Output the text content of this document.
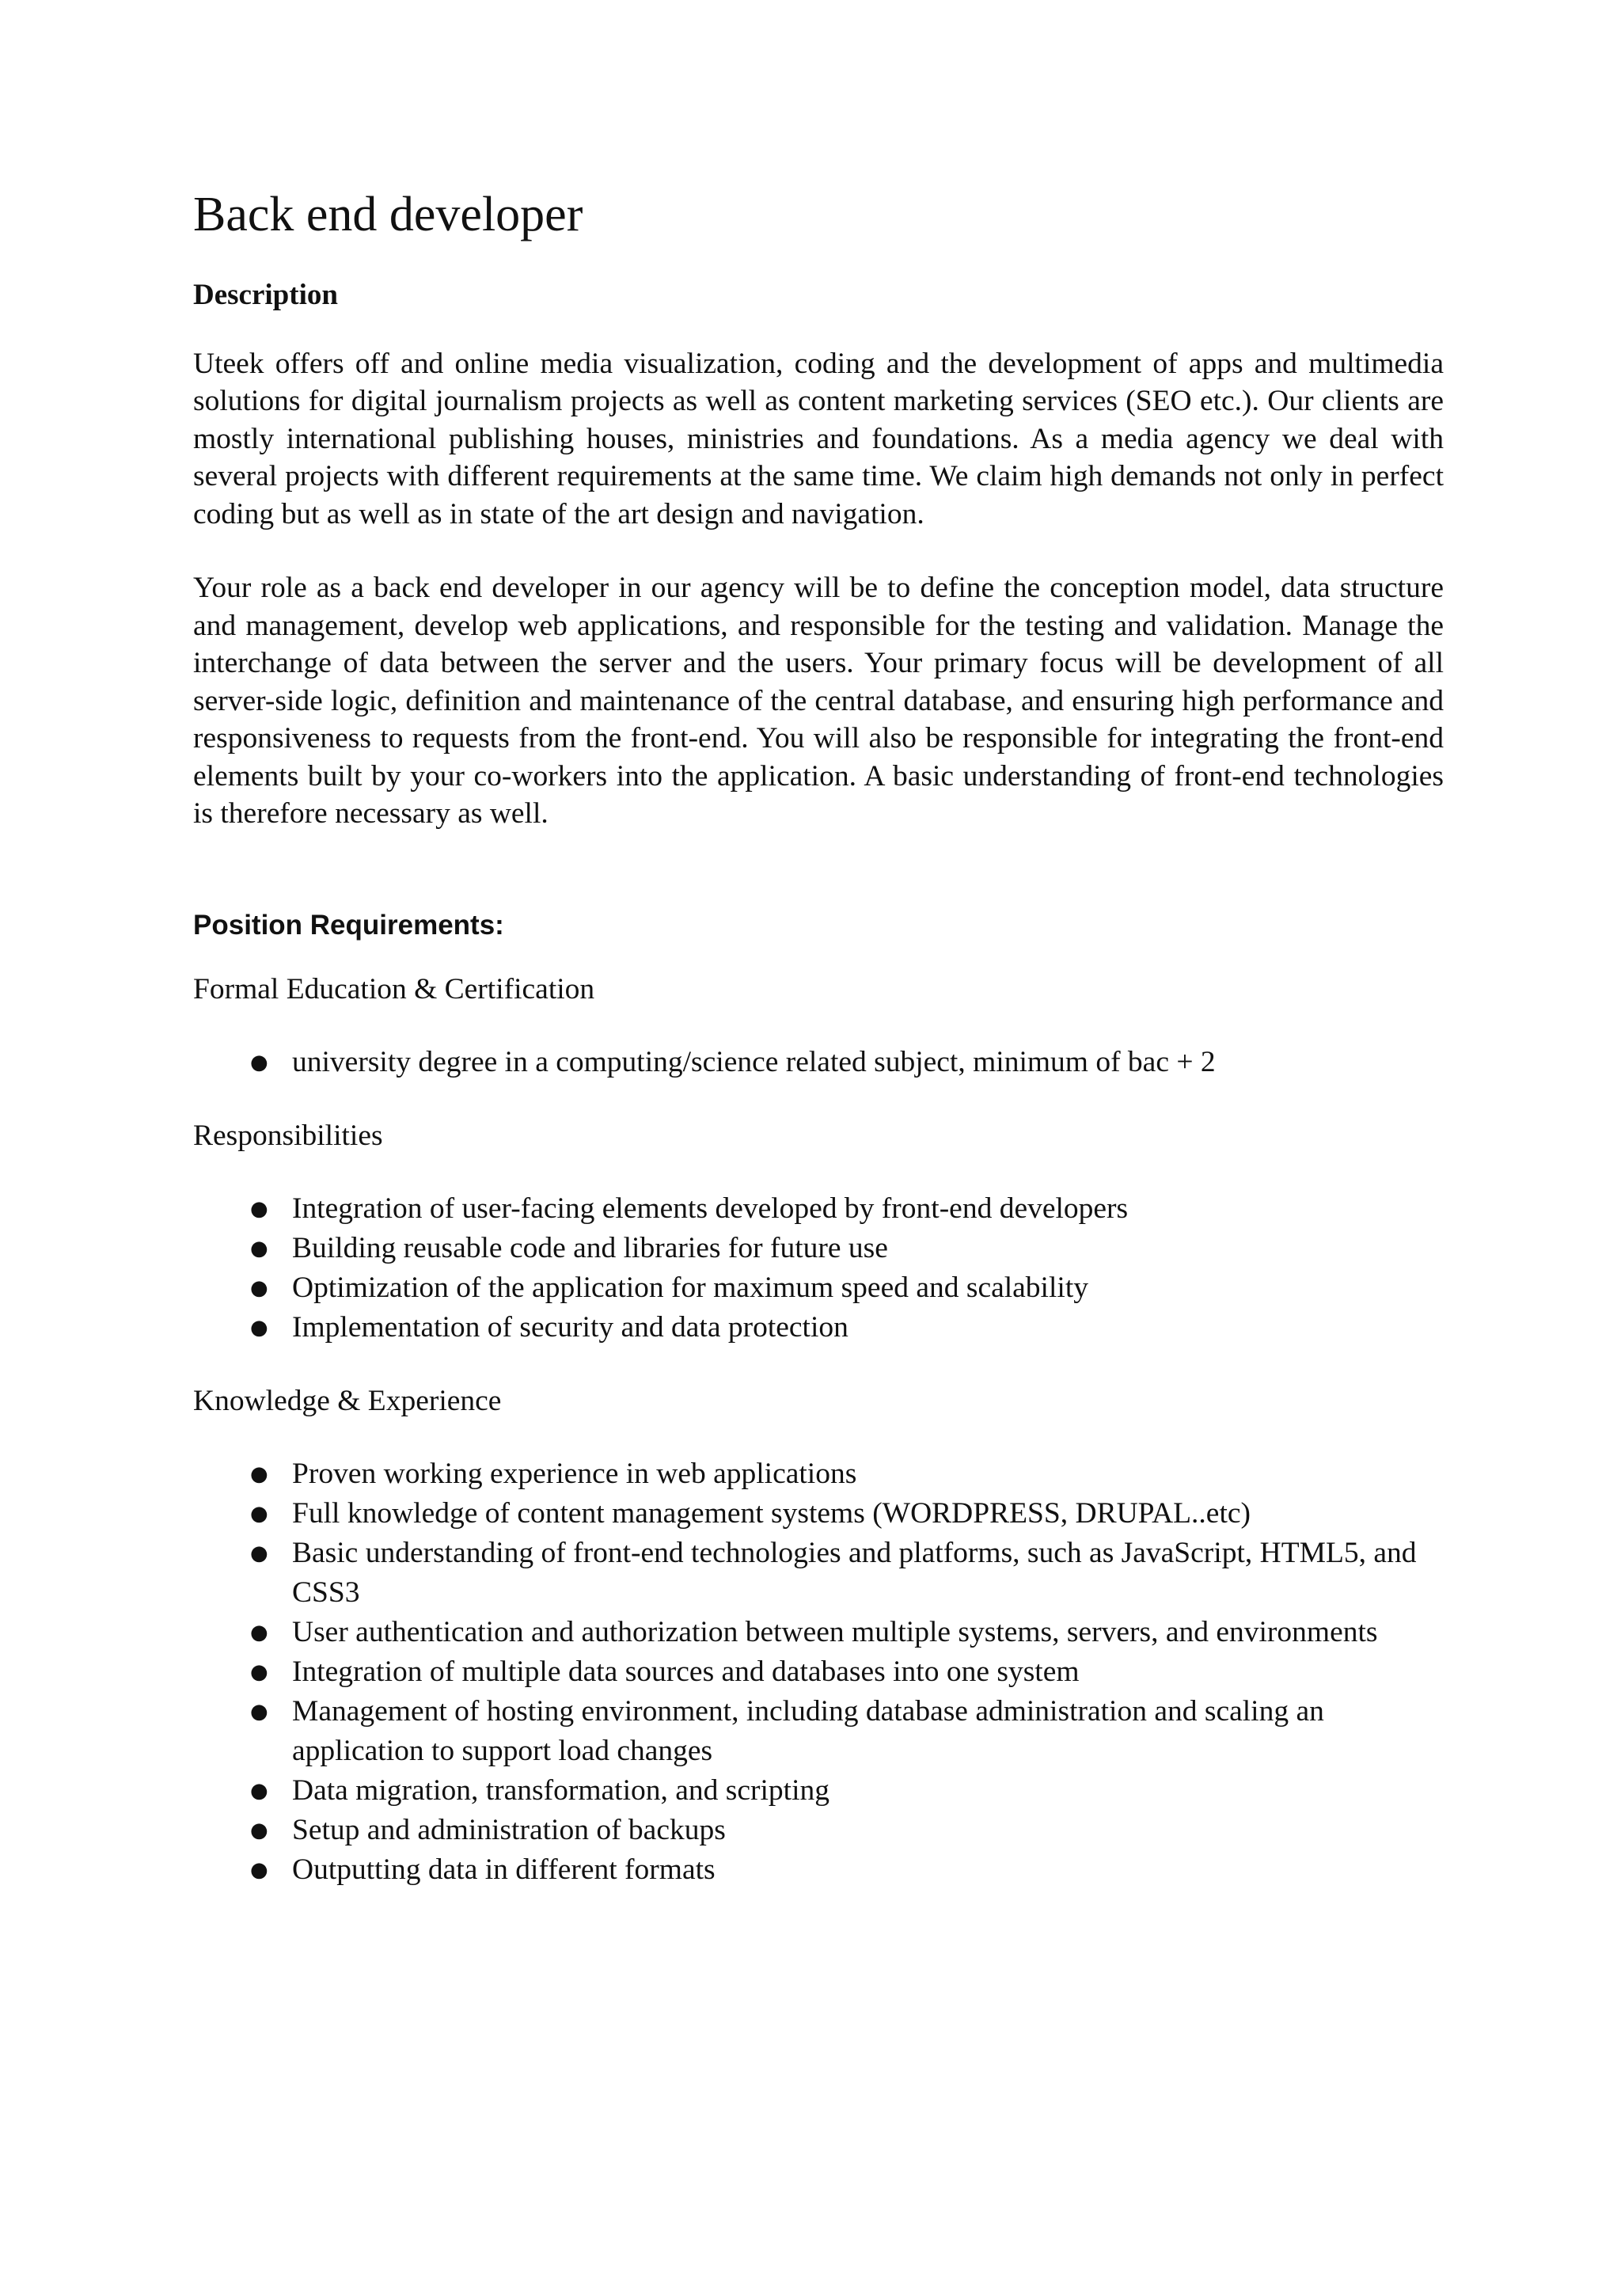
Back end developer
Description

Uteek offers off and online media visualization, coding and the development of apps and multimedia solutions for digital journalism projects as well as content marketing services (SEO etc.). Our clients are mostly international publishing houses, ministries and foundations. As a media agency we deal with several projects with different requirements at the same time. We claim high demands not only in perfect coding but as well as in state of the art design and navigation.

Your role as a back end developer in our agency will be to define the conception model, data structure and management, develop web applications, and responsible for the testing and validation. Manage the interchange of data between the server and the users. Your primary focus will be development of all server-side logic, definition and maintenance of the central database, and ensuring high performance and responsiveness to requests from the front-end. You will also be responsible for integrating the front-end elements built by your co-workers into the application. A basic understanding of front-end technologies is therefore necessary as well.

Position Requirements:
Formal Education & Certification
● university degree in a computing/science related subject, minimum of bac + 2
Responsibilities
● Integration of user-facing elements developed by front-end developers
● Building reusable code and libraries for future use
● Optimization of the application for maximum speed and scalability
● Implementation of security and data protection
Knowledge & Experience
● Proven working experience in web applications
● Full knowledge of content management systems (WORDPRESS, DRUPAL..etc)
● Basic understanding of front-end technologies and platforms, such as JavaScript, HTML5, and CSS3
● User authentication and authorization between multiple systems, servers, and environments
● Integration of multiple data sources and databases into one system
● Management of hosting environment, including database administration and scaling an application to support load changes
● Data migration, transformation, and scripting
● Setup and administration of backups
● Outputting data in different formats
